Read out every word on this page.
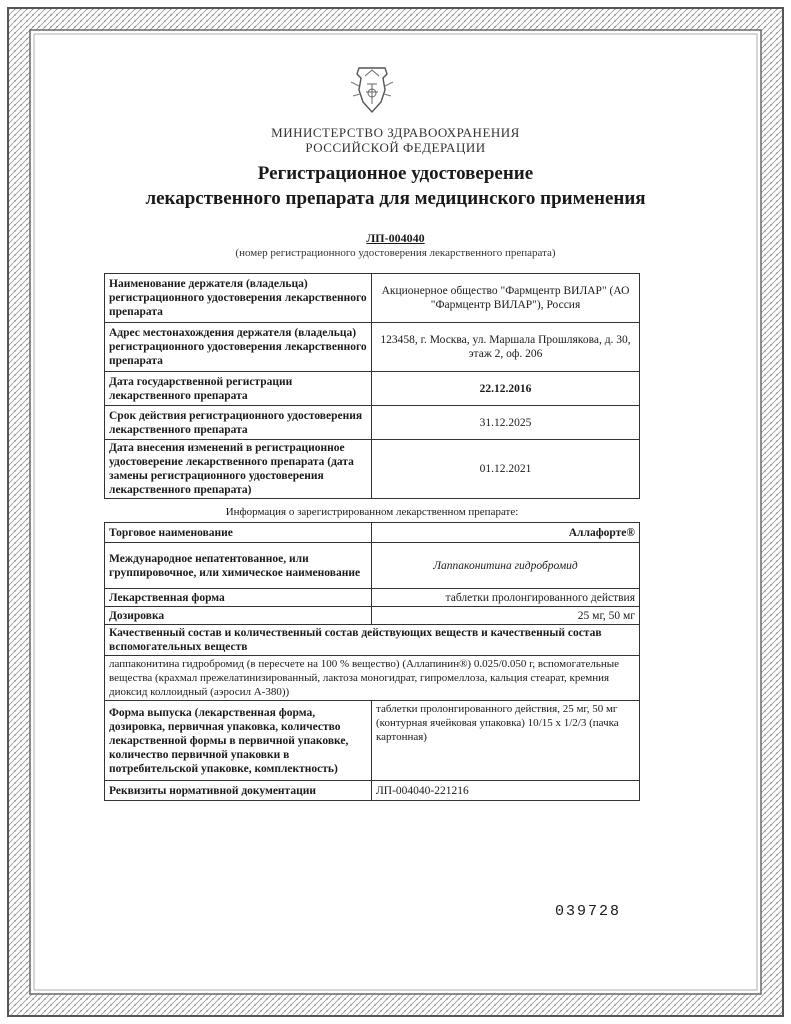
МИНИСТЕРСТВО ЗДРАВООХРАНЕНИЯ
РОССИЙСКОЙ ФЕДЕРАЦИИ
Регистрационное удостоверение
лекарственного препарата для медицинского применения
ЛП-004040
(номер регистрационного удостоверения лекарственного препарата)
Наименование держателя (владельца) регистрационного удостоверения лекарственного препарата	Акционерное общество "Фармцентр ВИЛАР" (АО "Фармцентр ВИЛАР"), Россия
Адрес местонахождения держателя (владельца) регистрационного удостоверения лекарственного препарата	123458, г. Москва, ул. Маршала Прошлякова, д. 30, этаж 2, оф. 206
Дата государственной регистрации лекарственного препарата	22.12.2016
Срок действия регистрационного удостоверения лекарственного препарата	31.12.2025
Дата внесения изменений в регистрационное удостоверение лекарственного препарата (дата замены регистрационного удостоверения лекарственного препарата)	01.12.2021
Информация о зарегистрированном лекарственном препарате:
Торговое наименование	Аллафорте®
Международное непатентованное, или группировочное, или химическое наименование	Лаппаконитина гидробромид
Лекарственная форма	таблетки пролонгированного действия
Дозировка	25 мг, 50 мг
Качественный состав и количественный состав действующих веществ и качественный состав вспомогательных веществ	
лаппаконитина гидробромид (в пересчете на 100 % вещество) (Аллапинин®) 0.025/0.050 г, вспомогательные вещества (крахмал прежелатинизированный, лактоза моногидрат, гипромеллоза, кальция стеарат, кремния диоксид коллоидный (аэросил А-380))	
Форма выпуска (лекарственная форма, дозировка, первичная упаковка, количество лекарственной формы в первичной упаковке, количество первичной упаковки в потребительской упаковке, комплектность)	таблетки пролонгированного действия, 25 мг, 50 мг (контурная ячейковая упаковка) 10/15 x 1/2/3 (пачка картонная)
Реквизиты нормативной документации	ЛП-004040-221216
039728
